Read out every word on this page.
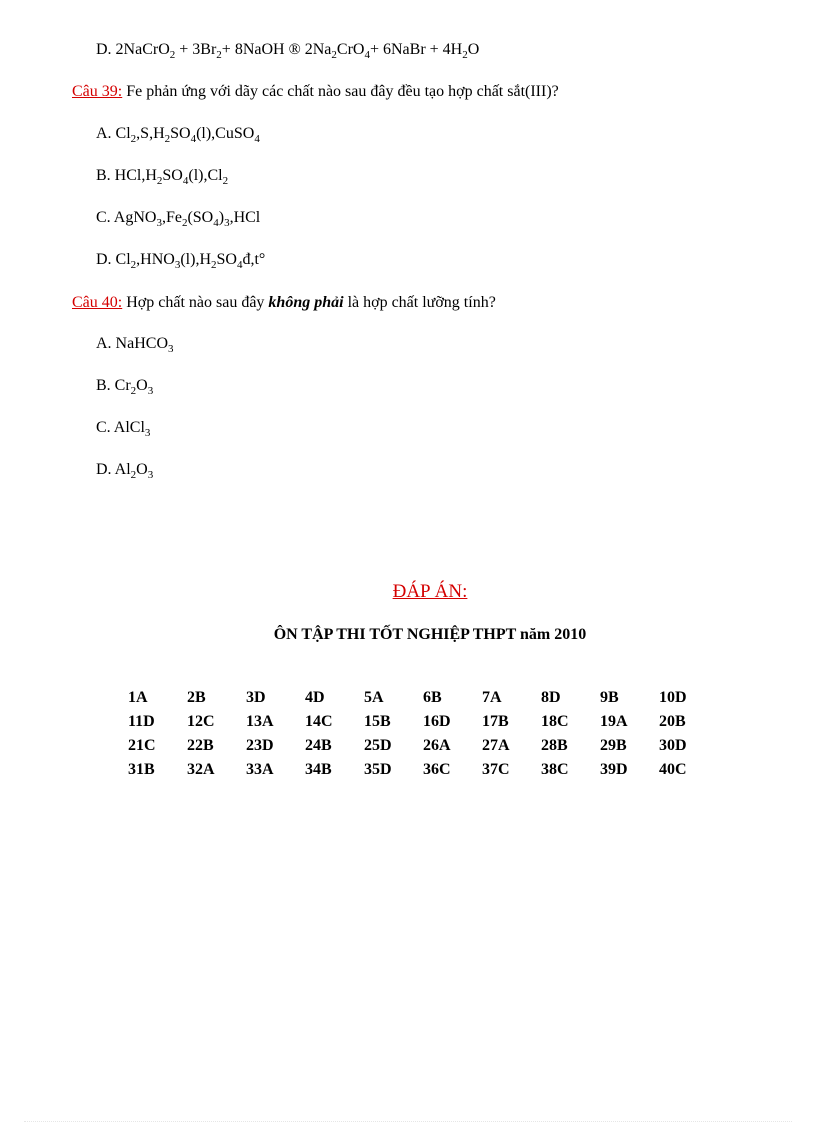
D. 2NaCrO$_2$ + $3Br_2+$ 8NaOH ® $2Na_2CrO_4+$ 6NaBr + $4H_2O$
Câu 39: Fe phản ứng với dãy các chất nào sau đây đều tạo hợp chất sắt(III)?
A. $Cl_2,S,H_2SO_4(l),CuSO_4$
B. $HCl,H_2SO_4(l),Cl_2$
C. $AgNO_3,Fe_2(SO_4)_3,HCl$
D. $Cl_2,HNO_3(l),H_2SO_4đ,t^\circ$
Câu 40: Hợp chất nào sau đây không phải là hợp chất lưỡng tính?
A. NaHCO$_3$
B. $Cr_2O_3$
C. AlCl$_3$
D. $Al_2O_3$
ĐÁP ÁN:
ÔN TẬP THI TỐT NGHIỆP THPT năm 2010
1A	2B	3D	4D	5A	6B	7A	8D	9B	10D
11D	12C	13A	14C	15B	16D	17B	18C	19A	20B
21C	22B	23D	24B	25D	26A	27A	28B	29B	30D
31B	32A	33A	34B	35D	36C	37C	38C	39D	40C
